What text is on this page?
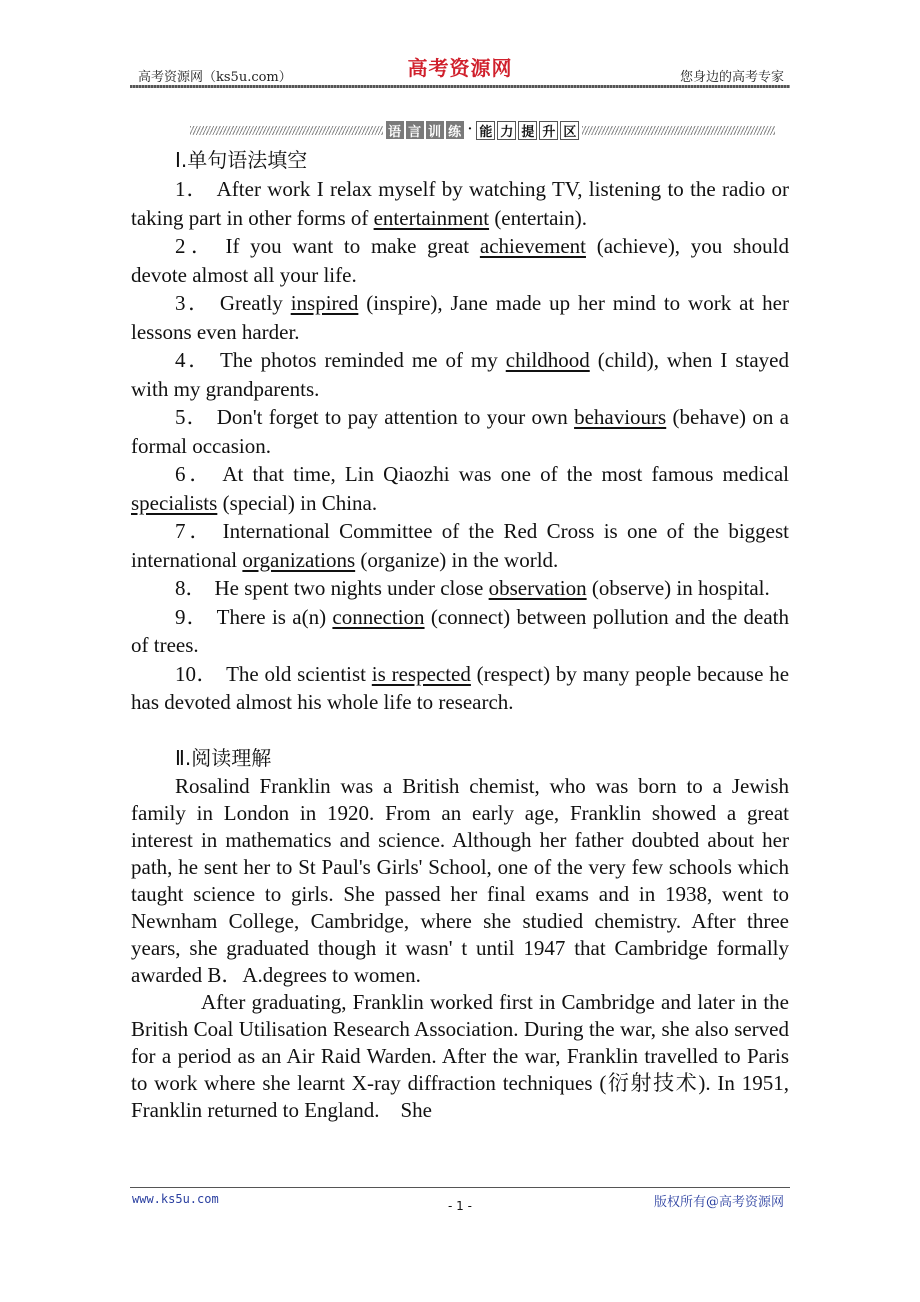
高考资源网（ks5u.com）	高考资源网	您身边的高考专家
语 言 训 练 · 能 力 提 升 区
Ⅰ.单句语法填空
1． After work I relax myself by watching TV, listening to the radio or taking part in other forms of entertainment (entertain).
2． If you want to make great achievement (achieve), you should devote almost all your life.
3． Greatly inspired (inspire), Jane made up her mind to work at her lessons even harder.
4． The photos reminded me of my childhood (child), when I stayed with my grandparents.
5． Don't forget to pay attention to your own behaviours (behave) on a formal occasion.
6． At that time, Lin Qiaozhi was one of the most famous medical specialists (special) in China.
7． International Committee of the Red Cross is one of the biggest international organizations (organize) in the world.
8． He spent two nights under close observation (observe) in hospital.
9． There is a(n) connection (connect) between pollution and the death of trees.
10． The old scientist is respected (respect) by many people because he has devoted almost his whole life to research.
Ⅱ.阅读理解
Rosalind Franklin was a British chemist, who was born to a Jewish family in London in 1920. From an early age, Franklin showed a great interest in mathematics and science. Although her father doubted about her path, he sent her to St Paul's Girls' School, one of the very few schools which taught science to girls. She passed her final exams and in 1938, went to Newnham College, Cambridge, where she studied chemistry. After three years, she graduated though it wasn' t until 1947 that Cambridge formally awarded B．A.degrees to women.
After graduating, Franklin worked first in Cambridge and later in the British Coal Utilisation Research Association. During the war, she also served for a period as an Air Raid Warden. After the war, Franklin travelled to Paris to work where she learnt X-ray diffraction techniques (衍射技术). In 1951, Franklin returned to England.　She
www.ks5u.com	- 1 -	版权所有@高考资源网
